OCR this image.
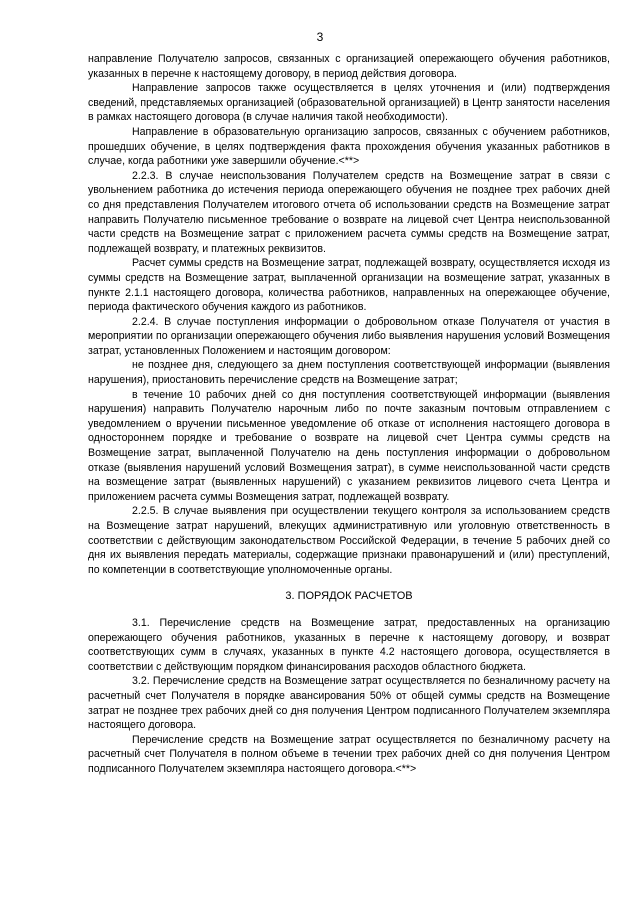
3

направление Получателю запросов, связанных с организацией опережающего обучения работников, указанных в перечне к настоящему договору, в период действия договора.

Направление запросов также осуществляется в целях уточнения и (или) подтверждения сведений, представляемых организацией (образовательной организацией) в Центр занятости населения в рамках настоящего договора (в случае наличия такой необходимости).

Направление в образовательную организацию запросов, связанных с обучением работников, прошедших обучение, в целях подтверждения факта прохождения обучения указанных работников в случае, когда работники уже завершили обучение.<**>

2.2.3. В случае неиспользования Получателем средств на Возмещение затрат в связи с увольнением работника до истечения периода опережающего обучения не позднее трех рабочих дней со дня представления Получателем итогового отчета об использовании средств на Возмещение затрат направить Получателю письменное требование о возврате на лицевой счет Центра неиспользованной части средств на Возмещение затрат с приложением расчета суммы средств на Возмещение затрат, подлежащей возврату, и платежных реквизитов.

Расчет суммы средств на Возмещение затрат, подлежащей возврату, осуществляется исходя из суммы средств на Возмещение затрат, выплаченной организации на возмещение затрат, указанных в пункте 2.1.1 настоящего договора, количества работников, направленных на опережающее обучение, периода фактического обучения каждого из работников.

2.2.4. В случае поступления информации о добровольном отказе Получателя от участия в мероприятии по организации опережающего обучения либо выявления нарушения условий Возмещения затрат, установленных Положением и настоящим договором:

не позднее дня, следующего за днем поступления соответствующей информации (выявления нарушения), приостановить перечисление средств на Возмещение затрат;

в течение 10 рабочих дней со дня поступления соответствующей информации (выявления нарушения) направить Получателю нарочным либо по почте заказным почтовым отправлением с уведомлением о вручении письменное уведомление об отказе от исполнения настоящего договора в одностороннем порядке и требование о возврате на лицевой счет Центра суммы средств на Возмещение затрат, выплаченной Получателю на день поступления информации о добровольном отказе (выявления нарушений условий Возмещения затрат), в сумме неиспользованной части средств на возмещение затрат (выявленных нарушений) с указанием реквизитов лицевого счета Центра и приложением расчета суммы Возмещения затрат, подлежащей возврату.

2.2.5. В случае выявления при осуществлении текущего контроля за использованием средств на Возмещение затрат нарушений, влекущих административную или уголовную ответственность в соответствии с действующим законодательством Российской Федерации, в течение 5 рабочих дней со дня их выявления передать материалы, содержащие признаки правонарушений и (или) преступлений, по компетенции в соответствующие уполномоченные органы.

3. ПОРЯДОК РАСЧЕТОВ

3.1. Перечисление средств на Возмещение затрат, предоставленных на организацию опережающего обучения работников, указанных в перечне к настоящему договору, и возврат соответствующих сумм в случаях, указанных в пункте 4.2 настоящего договора, осуществляется в соответствии с действующим порядком финансирования расходов областного бюджета.

3.2. Перечисление средств на Возмещение затрат осуществляется по безналичному расчету на расчетный счет Получателя в порядке авансирования 50% от общей суммы средств на Возмещение затрат не позднее трех рабочих дней со дня получения Центром подписанного Получателем экземпляра настоящего договора.

Перечисление средств на Возмещение затрат осуществляется по безналичному расчету на расчетный счет Получателя в полном объеме в течении трех рабочих дней со дня получения Центром подписанного Получателем экземпляра настоящего договора.<**>
